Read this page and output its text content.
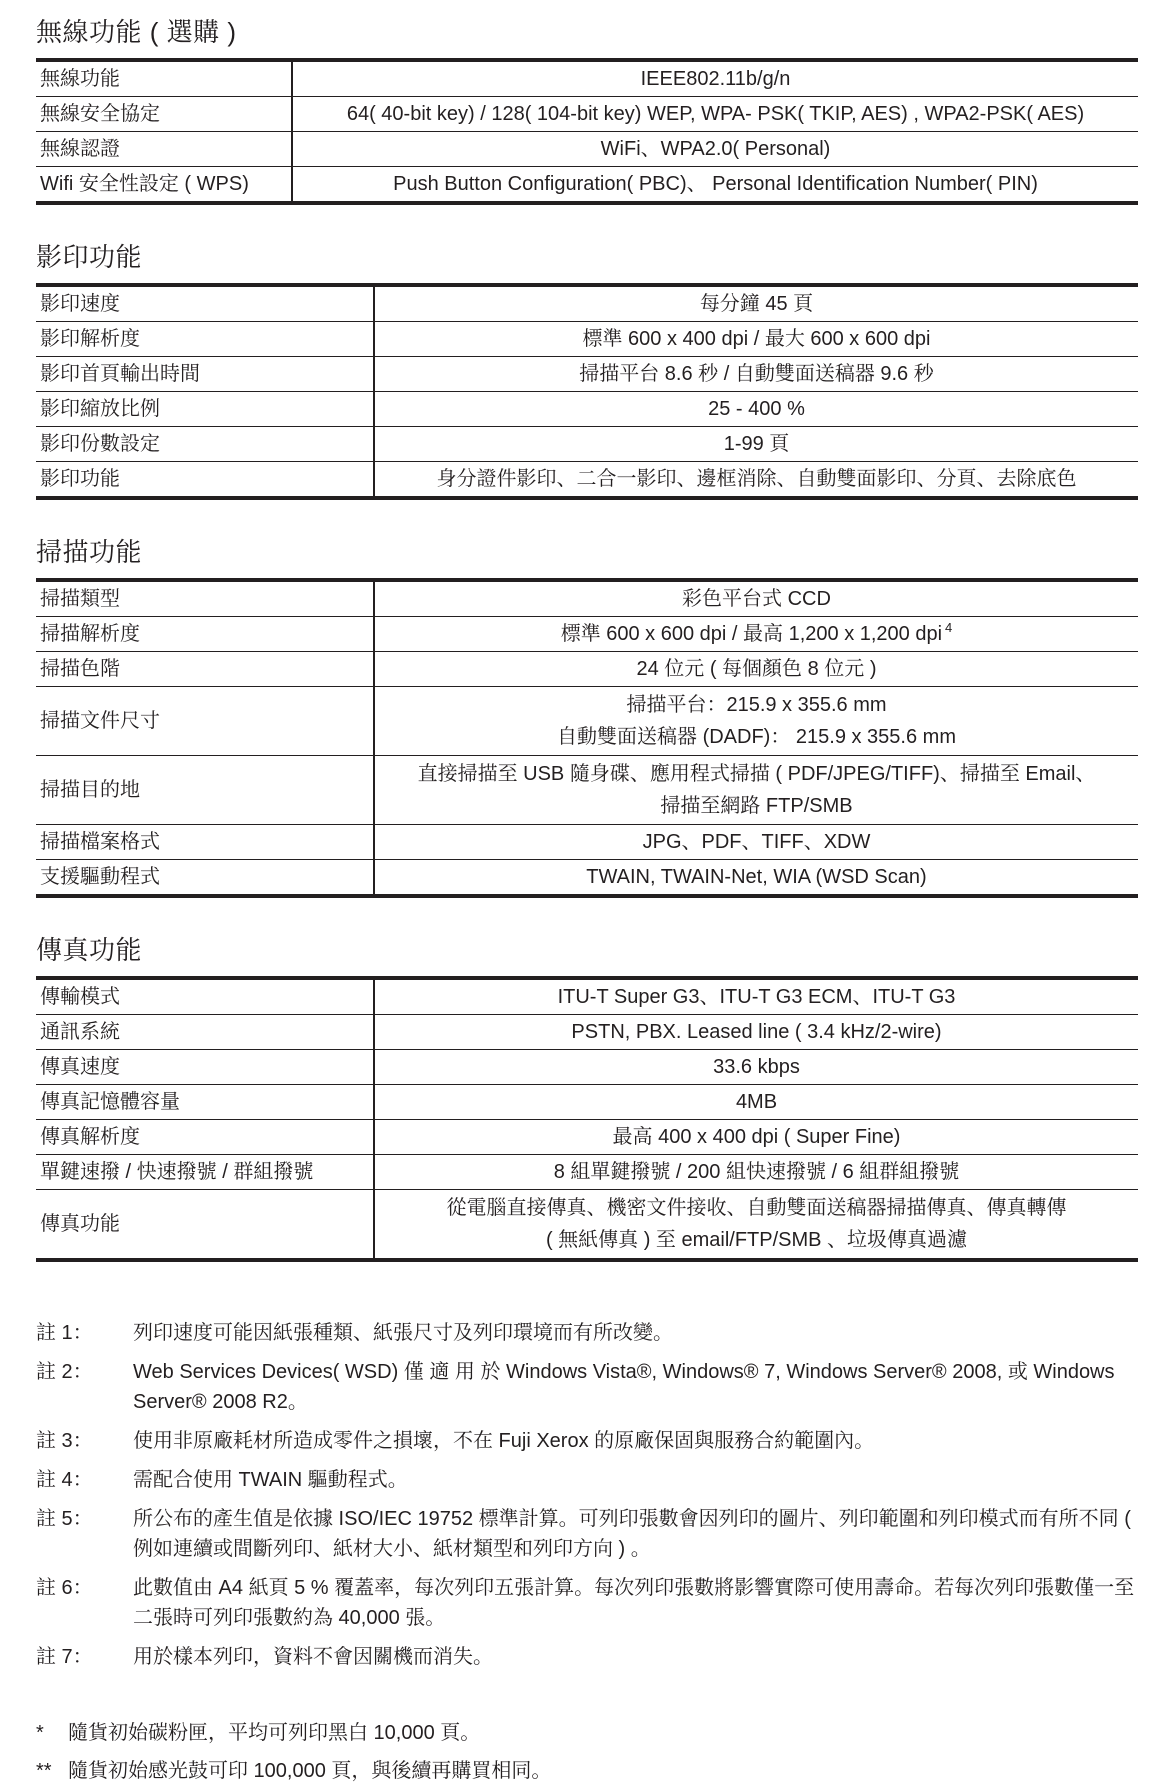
無線功能 ( 選購 )
無線功能	IEEE802.11b/g/n
無線安全協定	64( 40-bit key) / 128( 104-bit key) WEP, WPA- PSK( TKIP, AES) , WPA2-PSK( AES)
無線認證	WiFi、WPA2.0( Personal)
Wifi 安全性設定 ( WPS)	Push Button Configuration( PBC)、 Personal Identification Number( PIN)
影印功能
影印速度	每分鐘 45 頁
影印解析度	標準 600 x 400 dpi / 最大 600 x 600 dpi
影印首頁輸出時間	掃描平台 8.6 秒 / 自動雙面送稿器 9.6 秒
影印縮放比例	25 - 400 %
影印份數設定	1-99 頁
影印功能	身分證件影印、二合一影印、邊框消除、自動雙面影印、分頁、去除底色
掃描功能
掃描類型	彩色平台式 CCD
掃描解析度	標準 600 x 600 dpi / 最高 1,200 x 1,200 dpi $^4$
掃描色階	24 位元 ( 每個顏色 8 位元 )
掃描文件尺寸	掃描平台：215.9 x 355.6 mm
自動雙面送稿器 (DADF)： 215.9 x 355.6 mm

掃描目的地	直接掃描至 USB 隨身碟、應用程式掃描 ( PDF/JPEG/TIFF)、掃描至 Email、
掃描至網路 FTP/SMB

掃描檔案格式	JPG、PDF、TIFF、XDW
支援驅動程式	TWAIN, TWAIN-Net, WIA (WSD Scan)
傳真功能
傳輸模式	ITU-T Super G3、ITU-T G3 ECM、ITU-T G3
通訊系統	PSTN, PBX. Leased line ( 3.4 kHz/2-wire)
傳真速度	33.6 kbps
傳真記憶體容量	4MB
傳真解析度	最高 400 x 400 dpi ( Super Fine)
單鍵速撥 / 快速撥號 / 群組撥號	8 組單鍵撥號 / 200 組快速撥號 / 6 組群組撥號
傳真功能	從電腦直接傳真、機密文件接收、自動雙面送稿器掃描傳真、傳真轉傳
( 無紙傳真 ) 至 email/FTP/SMB 、垃圾傳真過濾
註 1： 列印速度可能因紙張種類、紙張尺寸及列印環境而有所改變。
註 2： Web Services Devices( WSD) 僅 適 用 於 Windows Vista®, Windows® 7, Windows Server® 2008, 或 Windows Server® 2008 R2。
註 3： 使用非原廠耗材所造成零件之損壞，不在 Fuji Xerox 的原廠保固與服務合約範圍內。
註 4： 需配合使用 TWAIN 驅動程式。
註 5： 所公布的產生值是依據 ISO/IEC 19752 標準計算。可列印張數會因列印的圖片、列印範圍和列印模式而有所不同 ( 例如連續或間斷列印、紙材大小、紙材類型和列印方向 ) 。
註 6： 此數值由 A4 紙頁 5 % 覆蓋率，每次列印五張計算。每次列印張數將影響實際可使用壽命。若每次列印張數僅一至二張時可列印張數約為 40,000 張。
註 7： 用於樣本列印，資料不會因關機而消失。
* 隨貨初始碳粉匣，平均可列印黑白 10,000 頁。
** 隨貨初始感光鼓可印 100,000 頁，與後續再購買相同。
